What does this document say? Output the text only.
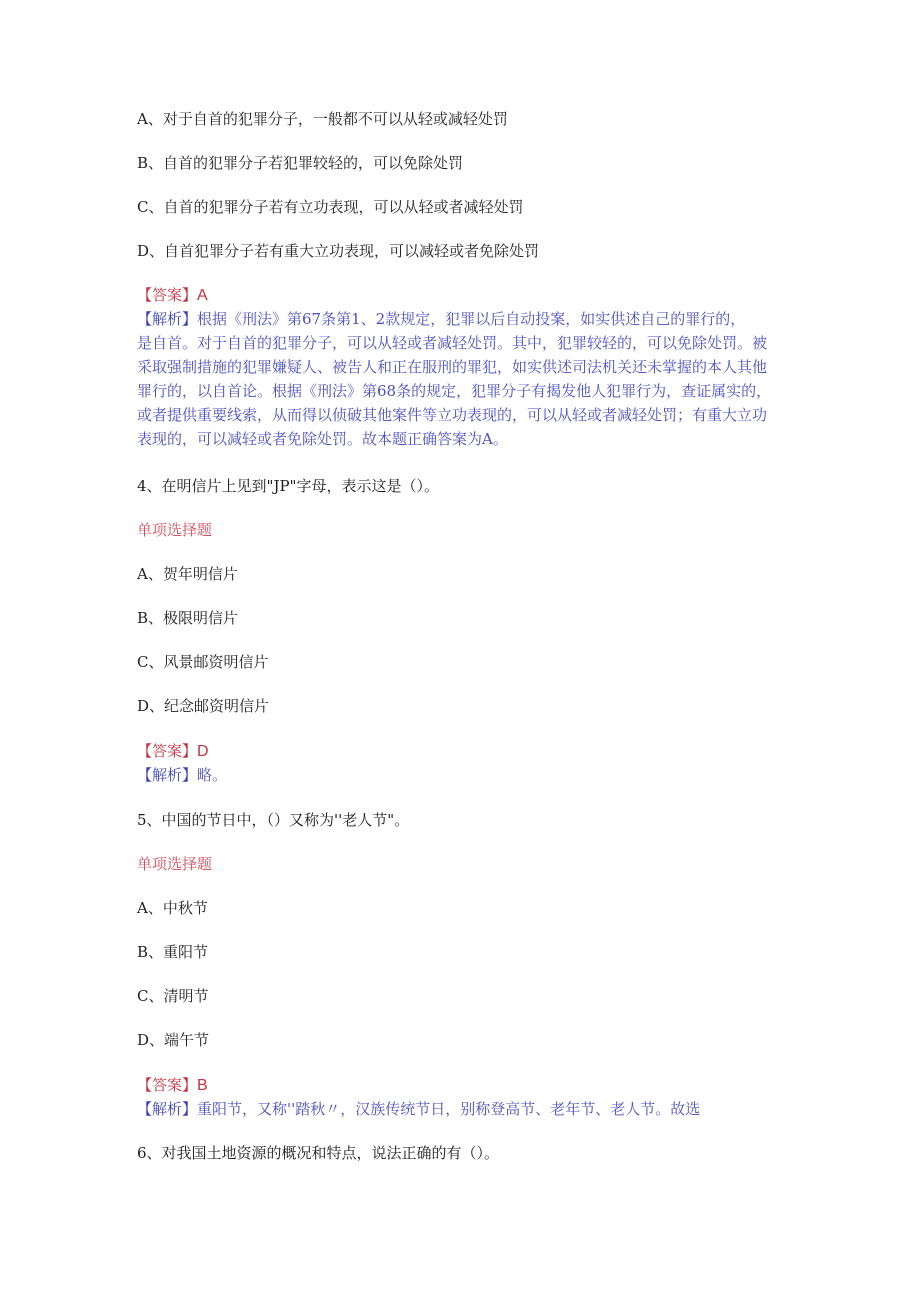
A、对于自首的犯罪分子，一般都不可以从轻或减轻处罚
B、自首的犯罪分子若犯罪较轻的，可以免除处罚
C、自首的犯罪分子若有立功表现，可以从轻或者减轻处罚
D、自首犯罪分子若有重大立功表现，可以减轻或者免除处罚
【答案】A
【解析】根据《刑法》第67条第1、2款规定，犯罪以后自动投案，如实供述自己的罪行的，
是自首。对于自首的犯罪分子，可以从轻或者减轻处罚。其中，犯罪较轻的，可以免除处罚。被
采取强制措施的犯罪嫌疑人、被告人和正在服刑的罪犯，如实供述司法机关还未掌握的本人其他
罪行的，以自首论。根据《刑法》第68条的规定，犯罪分子有揭发他人犯罪行为，查证属实的，
或者提供重要线索，从而得以侦破其他案件等立功表现的，可以从轻或者减轻处罚；有重大立功
表现的，可以减轻或者免除处罚。故本题正确答案为A。
4、在明信片上见到"JP"字母，表示这是（）。
单项选择题
A、贺年明信片
B、极限明信片
C、风景邮资明信片
D、纪念邮资明信片
【答案】D
【解析】略。
5、中国的节日中，（）又称为''老人节"。
单项选择题
A、中秋节
B、重阳节
C、清明节
D、端午节
【答案】B
【解析】重阳节，又称''踏秋〃，汉族传统节日，别称登高节、老年节、老人节。故选
6、对我国土地资源的概况和特点，说法正确的有（）。
